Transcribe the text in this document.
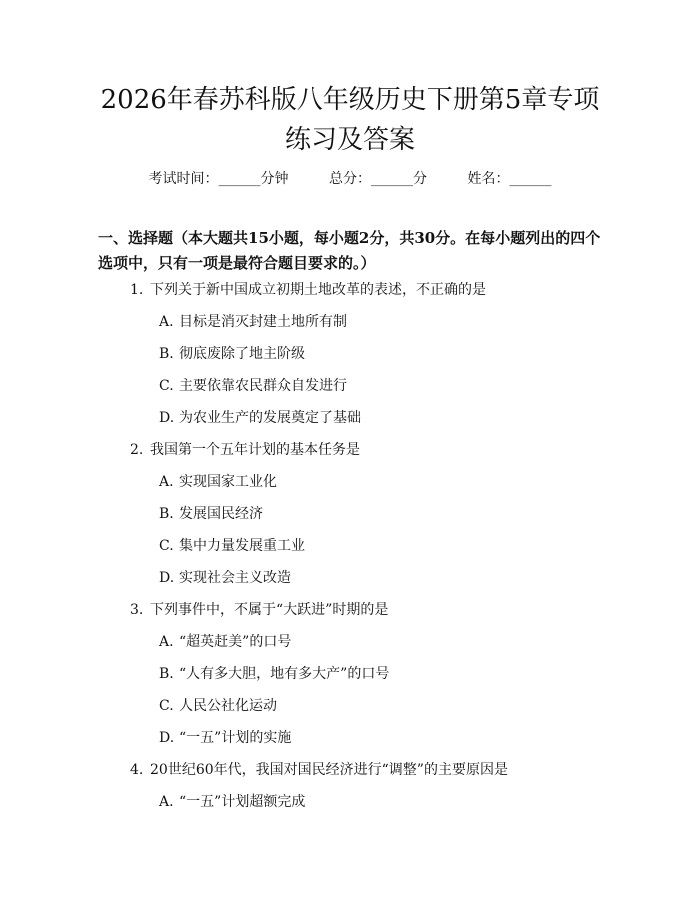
2026年春苏科版八年级历史下册第5章专项
练习及答案
考试时间：______分钟	总分：______分	姓名：______
一、选择题（本大题共15小题，每小题2分，共30分。在每小题列出的四个选项中，只有一项是最符合题目要求的。）
1. 下列关于新中国成立初期土地改革的表述，不正确的是
A. 目标是消灭封建土地所有制
B. 彻底废除了地主阶级
C. 主要依靠农民群众自发进行
D. 为农业生产的发展奠定了基础
2. 我国第一个五年计划的基本任务是
A. 实现国家工业化
B. 发展国民经济
C. 集中力量发展重工业
D. 实现社会主义改造
3. 下列事件中，不属于“大跃进”时期的是
A. “超英赶美”的口号
B. “人有多大胆，地有多大产”的口号
C. 人民公社化运动
D. “一五”计划的实施
4. 20世纪60年代，我国对国民经济进行“调整”的主要原因是
A. “一五”计划超额完成
